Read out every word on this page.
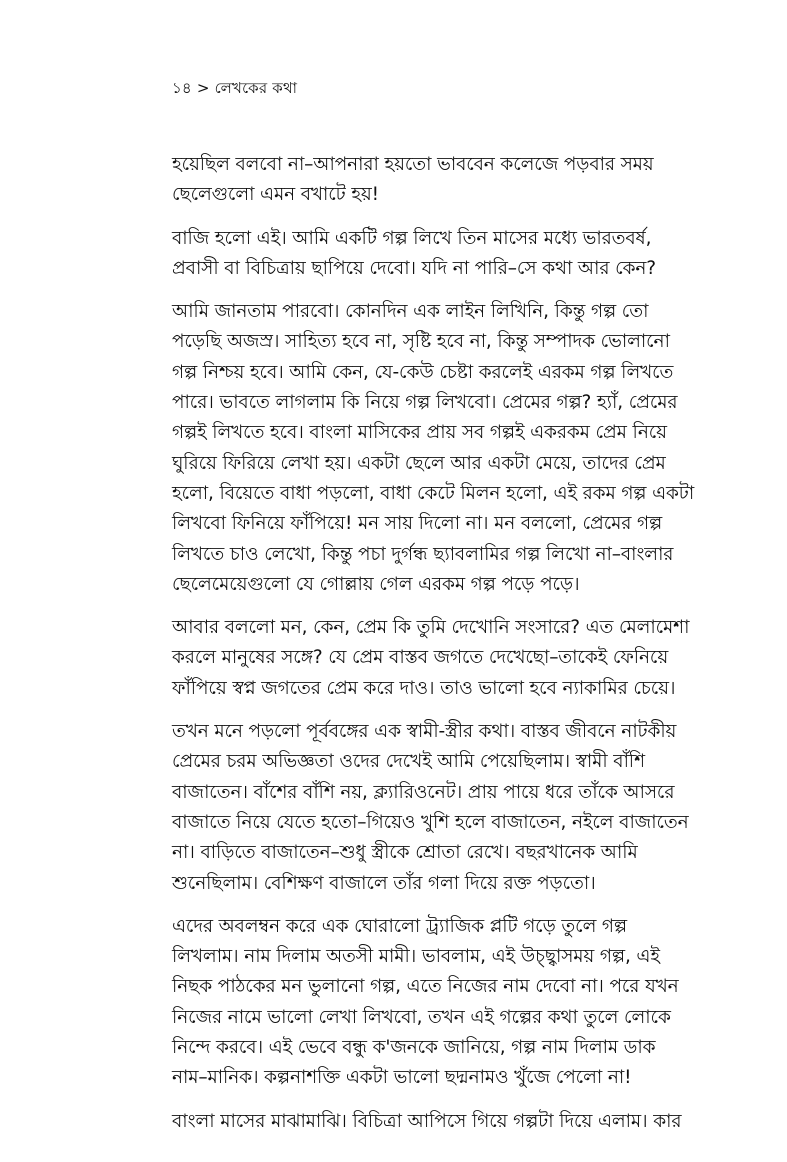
১৪ > লেখকের কথা
হয়েছিল বলবো না–আপনারা হয়তো ভাববেন কলেজে পড়বার সময়
ছেলেগুলো এমন বখাটে হয়!
বাজি হলো এই। আমি একটি গল্প লিখে তিন মাসের মধ্যে ভারতবর্ষ,
প্রবাসী বা বিচিত্রায় ছাপিয়ে দেবো। যদি না পারি–সে কথা আর কেন?
আমি জানতাম পারবো। কোনদিন এক লাইন লিখিনি, কিন্তু গল্প তো
পড়েছি অজস্র। সাহিত্য হবে না, সৃষ্টি হবে না, কিন্তু সম্পাদক ভোলানো
গল্প নিশ্চয় হবে। আমি কেন, যে-কেউ চেষ্টা করলেই এরকম গল্প লিখতে
পারে। ভাবতে লাগলাম কি নিয়ে গল্প লিখবো। প্রেমের গল্প? হ্যাঁ, প্রেমের
গল্পই লিখতে হবে। বাংলা মাসিকের প্রায় সব গল্পই একরকম প্রেম নিয়ে
ঘুরিয়ে ফিরিয়ে লেখা হয়। একটা ছেলে আর একটা মেয়ে, তাদের প্রেম
হলো, বিয়েতে বাধা পড়লো, বাধা কেটে মিলন হলো, এই রকম গল্প একটা
লিখবো ফিনিয়ে ফাঁপিয়ে! মন সায় দিলো না। মন বললো, প্রেমের গল্প
লিখতে চাও লেখো, কিন্তু পচা দুর্গন্ধ ছ্যাবলামির গল্প লিখো না–বাংলার
ছেলেমেয়েগুলো যে গোল্লায় গেল এরকম গল্প পড়ে পড়ে।
আবার বললো মন, কেন, প্রেম কি তুমি দেখোনি সংসারে? এত মেলামেশা
করলে মানুষের সঙ্গে? যে প্রেম বাস্তব জগতে দেখেছো–তাকেই ফেনিয়ে
ফাঁপিয়ে স্বপ্ন জগতের প্রেম করে দাও। তাও ভালো হবে ন্যাকামির চেয়ে।
তখন মনে পড়লো পূর্ববঙ্গের এক স্বামী-স্ত্রীর কথা। বাস্তব জীবনে নাটকীয়
প্রেমের চরম অভিজ্ঞতা ওদের দেখেই আমি পেয়েছিলাম। স্বামী বাঁশি
বাজাতেন। বাঁশের বাঁশি নয়, ক্ল্যারিওনেট। প্রায় পায়ে ধরে তাঁকে আসরে
বাজাতে নিয়ে যেতে হতো–গিয়েও খুশি হলে বাজাতেন, নইলে বাজাতেন
না। বাড়িতে বাজাতেন–শুধু স্ত্রীকে শ্রোতা রেখে। বছরখানেক আমি
শুনেছিলাম। বেশিক্ষণ বাজালে তাঁর গলা দিয়ে রক্ত পড়তো।
এদের অবলম্বন করে এক ঘোরালো ট্র্যাজিক প্লটি গড়ে তুলে গল্প
লিখলাম। নাম দিলাম অতসী মামী। ভাবলাম, এই উচ্ছ্বাসময় গল্প, এই
নিছক পাঠকের মন ভুলানো গল্প, এতে নিজের নাম দেবো না। পরে যখন
নিজের নামে ভালো লেখা লিখবো, তখন এই গল্পের কথা তুলে লোকে
নিন্দে করবে। এই ভেবে বন্ধু ক'জনকে জানিয়ে, গল্প নাম দিলাম ডাক
নাম–মানিক। কল্পনাশক্তি একটা ভালো ছদ্মনামও খুঁজে পেলো না!
বাংলা মাসের মাঝামাঝি। বিচিত্রা আপিসে গিয়ে গল্পটা দিয়ে এলাম। কার
